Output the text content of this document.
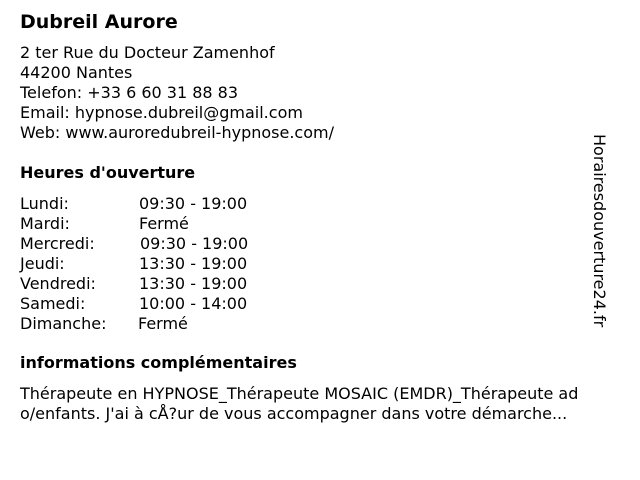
Dubreil Aurore
2 ter Rue du Docteur Zamenhof
44200 Nantes
Telefon: +33 6 60 31 88 83
Email: hypnose.dubreil@gmail.com
Web: www.auroredubreil-hypnose.com/
Heures d'ouverture
Lundi:	09:30 - 19:00
Mardi:	Fermé
Mercredi:	09:30 - 19:00
Jeudi:	13:30 - 19:00
Vendredi:	13:30 - 19:00
Samedi:	10:00 - 14:00
Dimanche: Fermé
informations complémentaires
Thérapeute en HYPNOSE_Thérapeute MOSAIC (EMDR)_Thérapeute ad
o/enfants. J'ai à cÅ?ur de vous accompagner dans votre démarche...
Horairesdouverture24.fr
